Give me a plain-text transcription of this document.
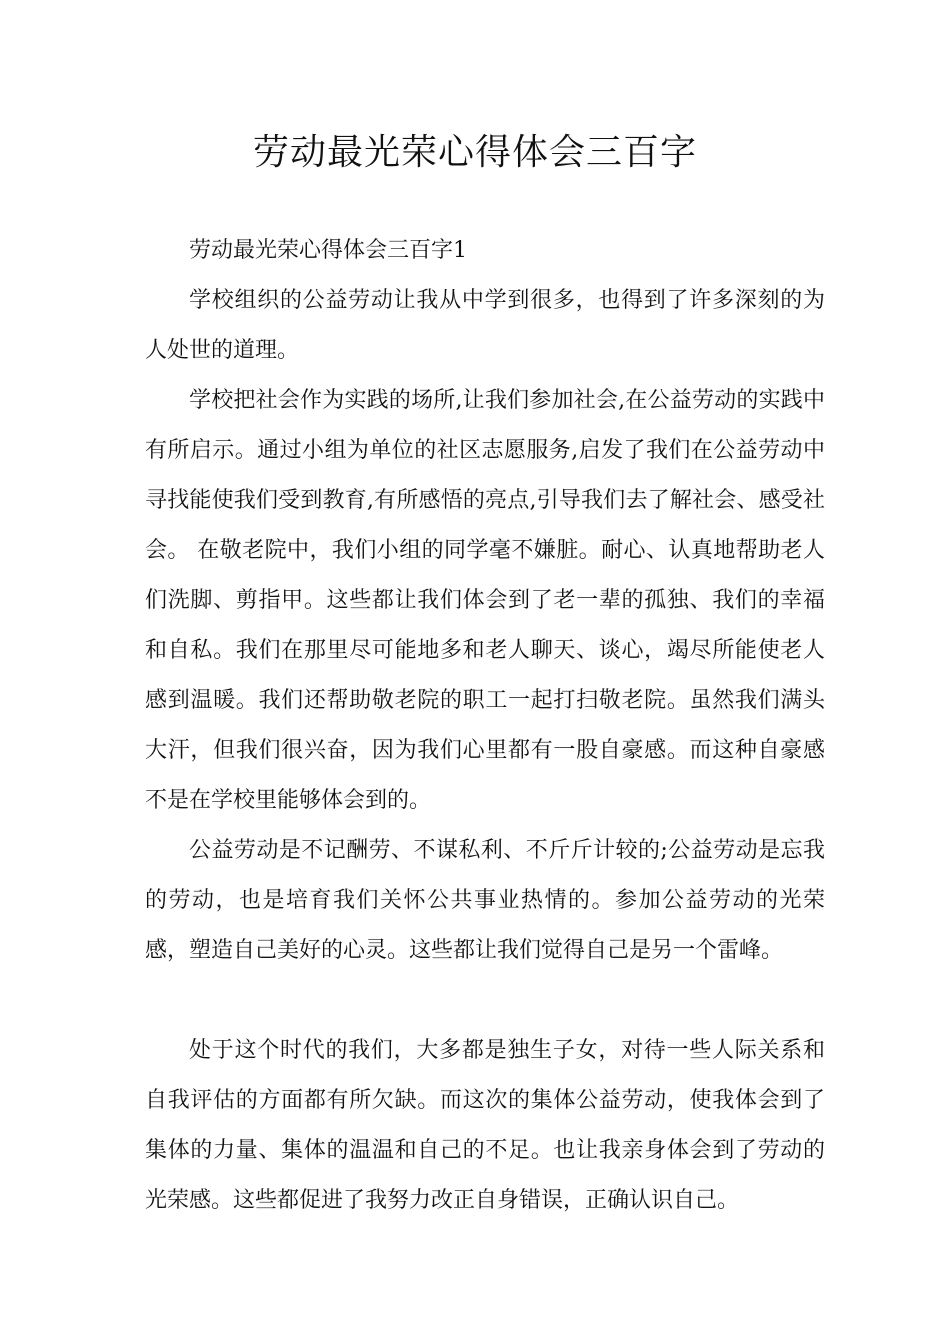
劳动最光荣心得体会三百字

劳动最光荣心得体会三百字1

学校组织的公益劳动让我从中学到很多，也得到了许多深刻的为人处世的道理。

学校把社会作为实践的场所,让我们参加社会,在公益劳动的实践中有所启示。通过小组为单位的社区志愿服务,启发了我们在公益劳动中寻找能使我们受到教育,有所感悟的亮点,引导我们去了解社会、感受社会。 在敬老院中，我们小组的同学毫不嫌脏。耐心、认真地帮助老人们洗脚、剪指甲。这些都让我们体会到了老一辈的孤独、我们的幸福和自私。我们在那里尽可能地多和老人聊天、谈心，竭尽所能使老人感到温暖。我们还帮助敬老院的职工一起打扫敬老院。虽然我们满头大汗，但我们很兴奋，因为我们心里都有一股自豪感。而这种自豪感不是在学校里能够体会到的。

公益劳动是不记酬劳、不谋私利、不斤斤计较的;公益劳动是忘我的劳动，也是培育我们关怀公共事业热情的。参加公益劳动的光荣感，塑造自己美好的心灵。这些都让我们觉得自己是另一个雷峰。

处于这个时代的我们，大多都是独生子女，对待一些人际关系和自我评估的方面都有所欠缺。而这次的集体公益劳动，使我体会到了集体的力量、集体的温温和自己的不足。也让我亲身体会到了劳动的光荣感。这些都促进了我努力改正自身错误，正确认识自己。
